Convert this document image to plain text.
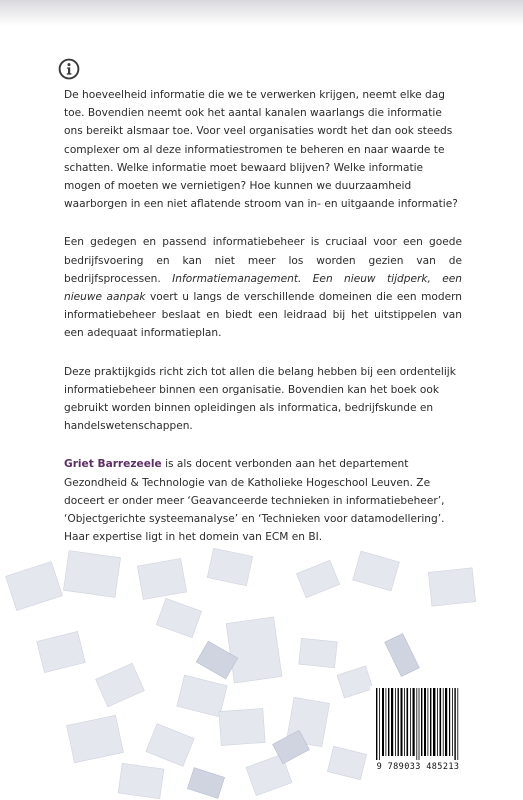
De hoeveelheid informatie die we te verwerken krijgen, neemt elke dag toe. Bovendien neemt ook het aantal kanalen waarlangs die informatie ons bereikt alsmaar toe. Voor veel organisaties wordt het dan ook steeds complexer om al deze informatiestromen te beheren en naar waarde te schatten. Welke informatie moet bewaard blijven? Welke informatie mogen of moeten we vernietigen? Hoe kunnen we duurzaamheid waarborgen in een niet aflatende stroom van in- en uitgaande informatie?

Een gedegen en passend informatiebeheer is cruciaal voor een goede bedrijfsvoering en kan niet meer los worden gezien van de bedrijfsprocessen. Informatiemanagement. Een nieuw tijdperk, een nieuwe aanpak voert u langs de verschillende domeinen die een modern informatiebeheer beslaat en biedt een leidraad bij het uitstippelen van een adequaat informatieplan.

Deze praktijkgids richt zich tot allen die belang hebben bij een ordentelijk informatiebeheer binnen een organisatie. Bovendien kan het boek ook gebruikt worden binnen opleidingen als informatica, bedrijfskunde en handelswetenschappen.

Griet Barrezeele is als docent verbonden aan het departement Gezondheid & Technologie van de Katholieke Hogeschool Leuven. Ze doceert er onder meer ‘Geavanceerde technieken in informatiebeheer’, ‘Objectgerichte systeemanalyse’ en ‘Technieken voor datamodellering’. Haar expertise ligt in het domein van ECM en BI.

9 789033 485213
